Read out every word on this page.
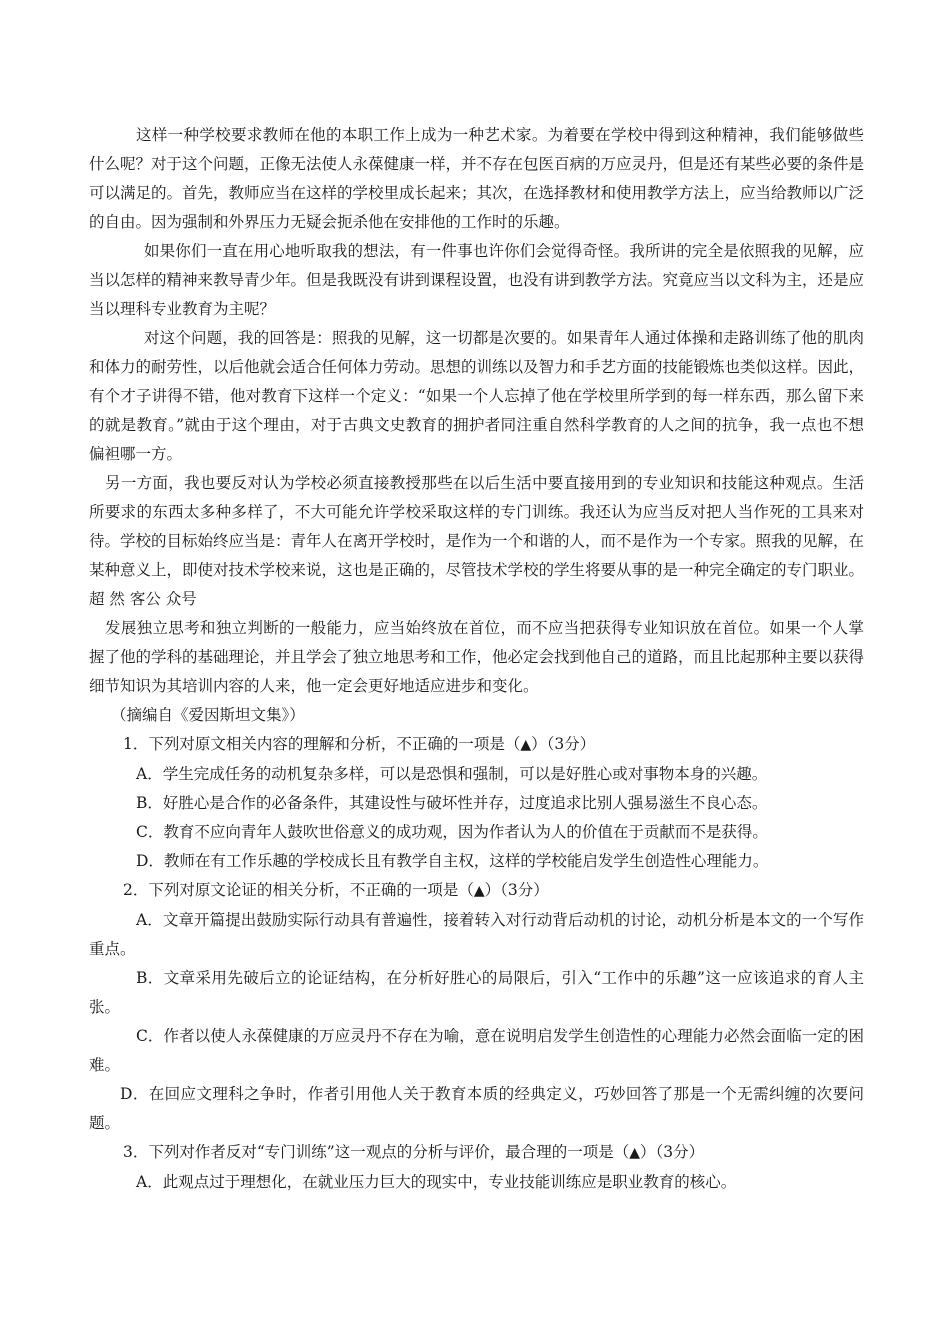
这样一种学校要求教师在他的本职工作上成为一种艺术家。为着要在学校中得到这种精神，我们能够做些什么呢？对于这个问题，正像无法使人永葆健康一样，并不存在包医百病的万应灵丹，但是还有某些必要的条件是可以满足的。首先，教师应当在这样的学校里成长起来；其次，在选择教材和使用教学方法上，应当给教师以广泛的自由。因为强制和外界压力无疑会扼杀他在安排他的工作时的乐趣。

如果你们一直在用心地听取我的想法，有一件事也许你们会觉得奇怪。我所讲的完全是依照我的见解，应当以怎样的精神来教导青少年。但是我既没有讲到课程设置，也没有讲到教学方法。究竟应当以文科为主，还是应当以理科专业教育为主呢？

对这个问题，我的回答是：照我的见解，这一切都是次要的。如果青年人通过体操和走路训练了他的肌肉和体力的耐劳性，以后他就会适合任何体力劳动。思想的训练以及智力和手艺方面的技能锻炼也类似这样。因此，有个才子讲得不错，他对教育下这样一个定义：“如果一个人忘掉了他在学校里所学到的每一样东西，那么留下来的就是教育。”就由于这个理由，对于古典文史教育的拥护者同注重自然科学教育的人之间的抗争，我一点也不想偏袒哪一方。

另一方面，我也要反对认为学校必须直接教授那些在以后生活中要直接用到的专业知识和技能这种观点。生活所要求的东西太多种多样了，不大可能允许学校采取这样的专门训练。我还认为应当反对把人当作死的工具来对待。学校的目标始终应当是：青年人在离开学校时，是作为一个和谐的人，而不是作为一个专家。照我的见解，在某种意义上，即使对技术学校来说，这也是正确的，尽管技术学校的学生将要从事的是一种完全确定的专门职业。超 然 客公 众号

发展独立思考和独立判断的一般能力，应当始终放在首位，而不应当把获得专业知识放在首位。如果一个人掌握了他的学科的基础理论，并且学会了独立地思考和工作，他必定会找到他自己的道路，而且比起那种主要以获得细节知识为其培训内容的人来，他一定会更好地适应进步和变化。

（摘编自《爱因斯坦文集》）

1．下列对原文相关内容的理解和分析，不正确的一项是（▲）（3分）

A．学生完成任务的动机复杂多样，可以是恐惧和强制，可以是好胜心或对事物本身的兴趣。

B．好胜心是合作的必备条件，其建设性与破坏性并存，过度追求比别人强易滋生不良心态。

C．教育不应向青年人鼓吹世俗意义的成功观，因为作者认为人的价值在于贡献而不是获得。

D．教师在有工作乐趣的学校成长且有教学自主权，这样的学校能启发学生创造性心理能力。

2．下列对原文论证的相关分析，不正确的一项是（▲）（3分）

A．文章开篇提出鼓励实际行动具有普遍性，接着转入对行动背后动机的讨论，动机分析是本文的一个写作重点。

B．文章采用先破后立的论证结构，在分析好胜心的局限后，引入“工作中的乐趣”这一应该追求的育人主张。

C．作者以使人永葆健康的万应灵丹不存在为喻，意在说明启发学生创造性的心理能力必然会面临一定的困难。

D．在回应文理科之争时，作者引用他人关于教育本质的经典定义，巧妙回答了那是一个无需纠缠的次要问题。

3．下列对作者反对“专门训练”这一观点的分析与评价，最合理的一项是（▲）（3分）

A．此观点过于理想化，在就业压力巨大的现实中，专业技能训练应是职业教育的核心。
